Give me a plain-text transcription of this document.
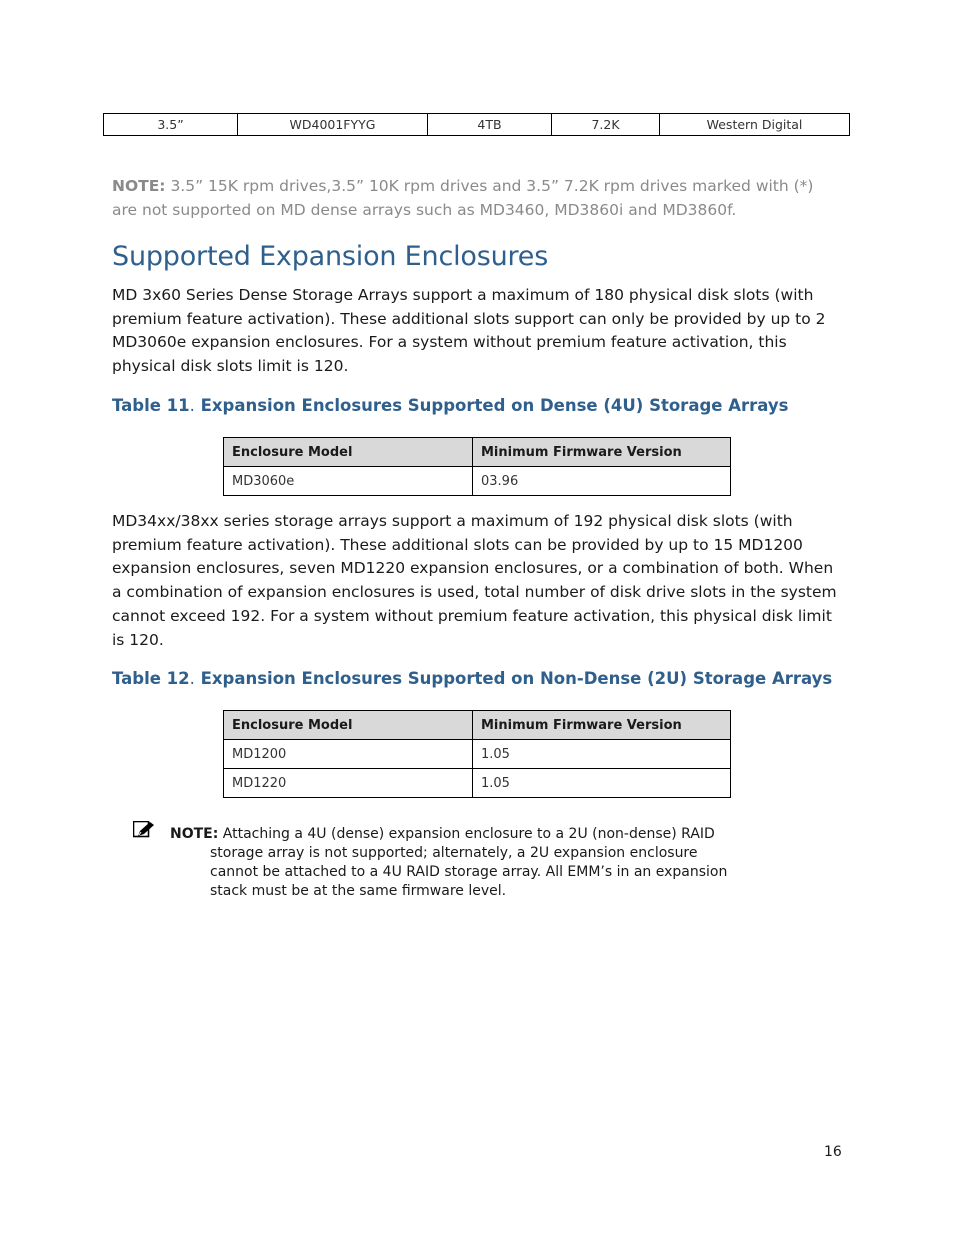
3.5”	WD4001FYYG	4TB	7.2K	Western Digital
NOTE: 3.5” 15K rpm drives,3.5” 10K rpm drives and 3.5” 7.2K rpm drives marked with (*) are not supported on MD dense arrays such as MD3460, MD3860i and MD3860f.
Supported Expansion Enclosures

MD 3x60 Series Dense Storage Arrays support a maximum of 180 physical disk slots (with premium feature activation). These additional slots support can only be provided by up to 2 MD3060e expansion enclosures. For a system without premium feature activation, this physical disk slots limit is 120.

Table 11. Expansion Enclosures Supported on Dense (4U) Storage Arrays

Enclosure Model	Minimum Firmware Version
MD3060e	03.96

MD34xx/38xx series storage arrays support a maximum of 192 physical disk slots (with premium feature activation). These additional slots can be provided by up to 15 MD1200 expansion enclosures, seven MD1220 expansion enclosures, or a combination of both. When a combination of expansion enclosures is used, total number of disk drive slots in the system cannot exceed 192. For a system without premium feature activation, this physical disk limit is 120.

Table 12. Expansion Enclosures Supported on Non-Dense (2U) Storage Arrays

Enclosure Model	Minimum Firmware Version
MD1200	1.05
MD1220	1.05
NOTE: Attaching a 4U (dense) expansion enclosure to a 2U (non-dense) RAID storage array is not supported; alternately, a 2U expansion enclosure cannot be attached to a 4U RAID storage array. All EMM’s in an expansion stack must be at the same firmware level.
16
